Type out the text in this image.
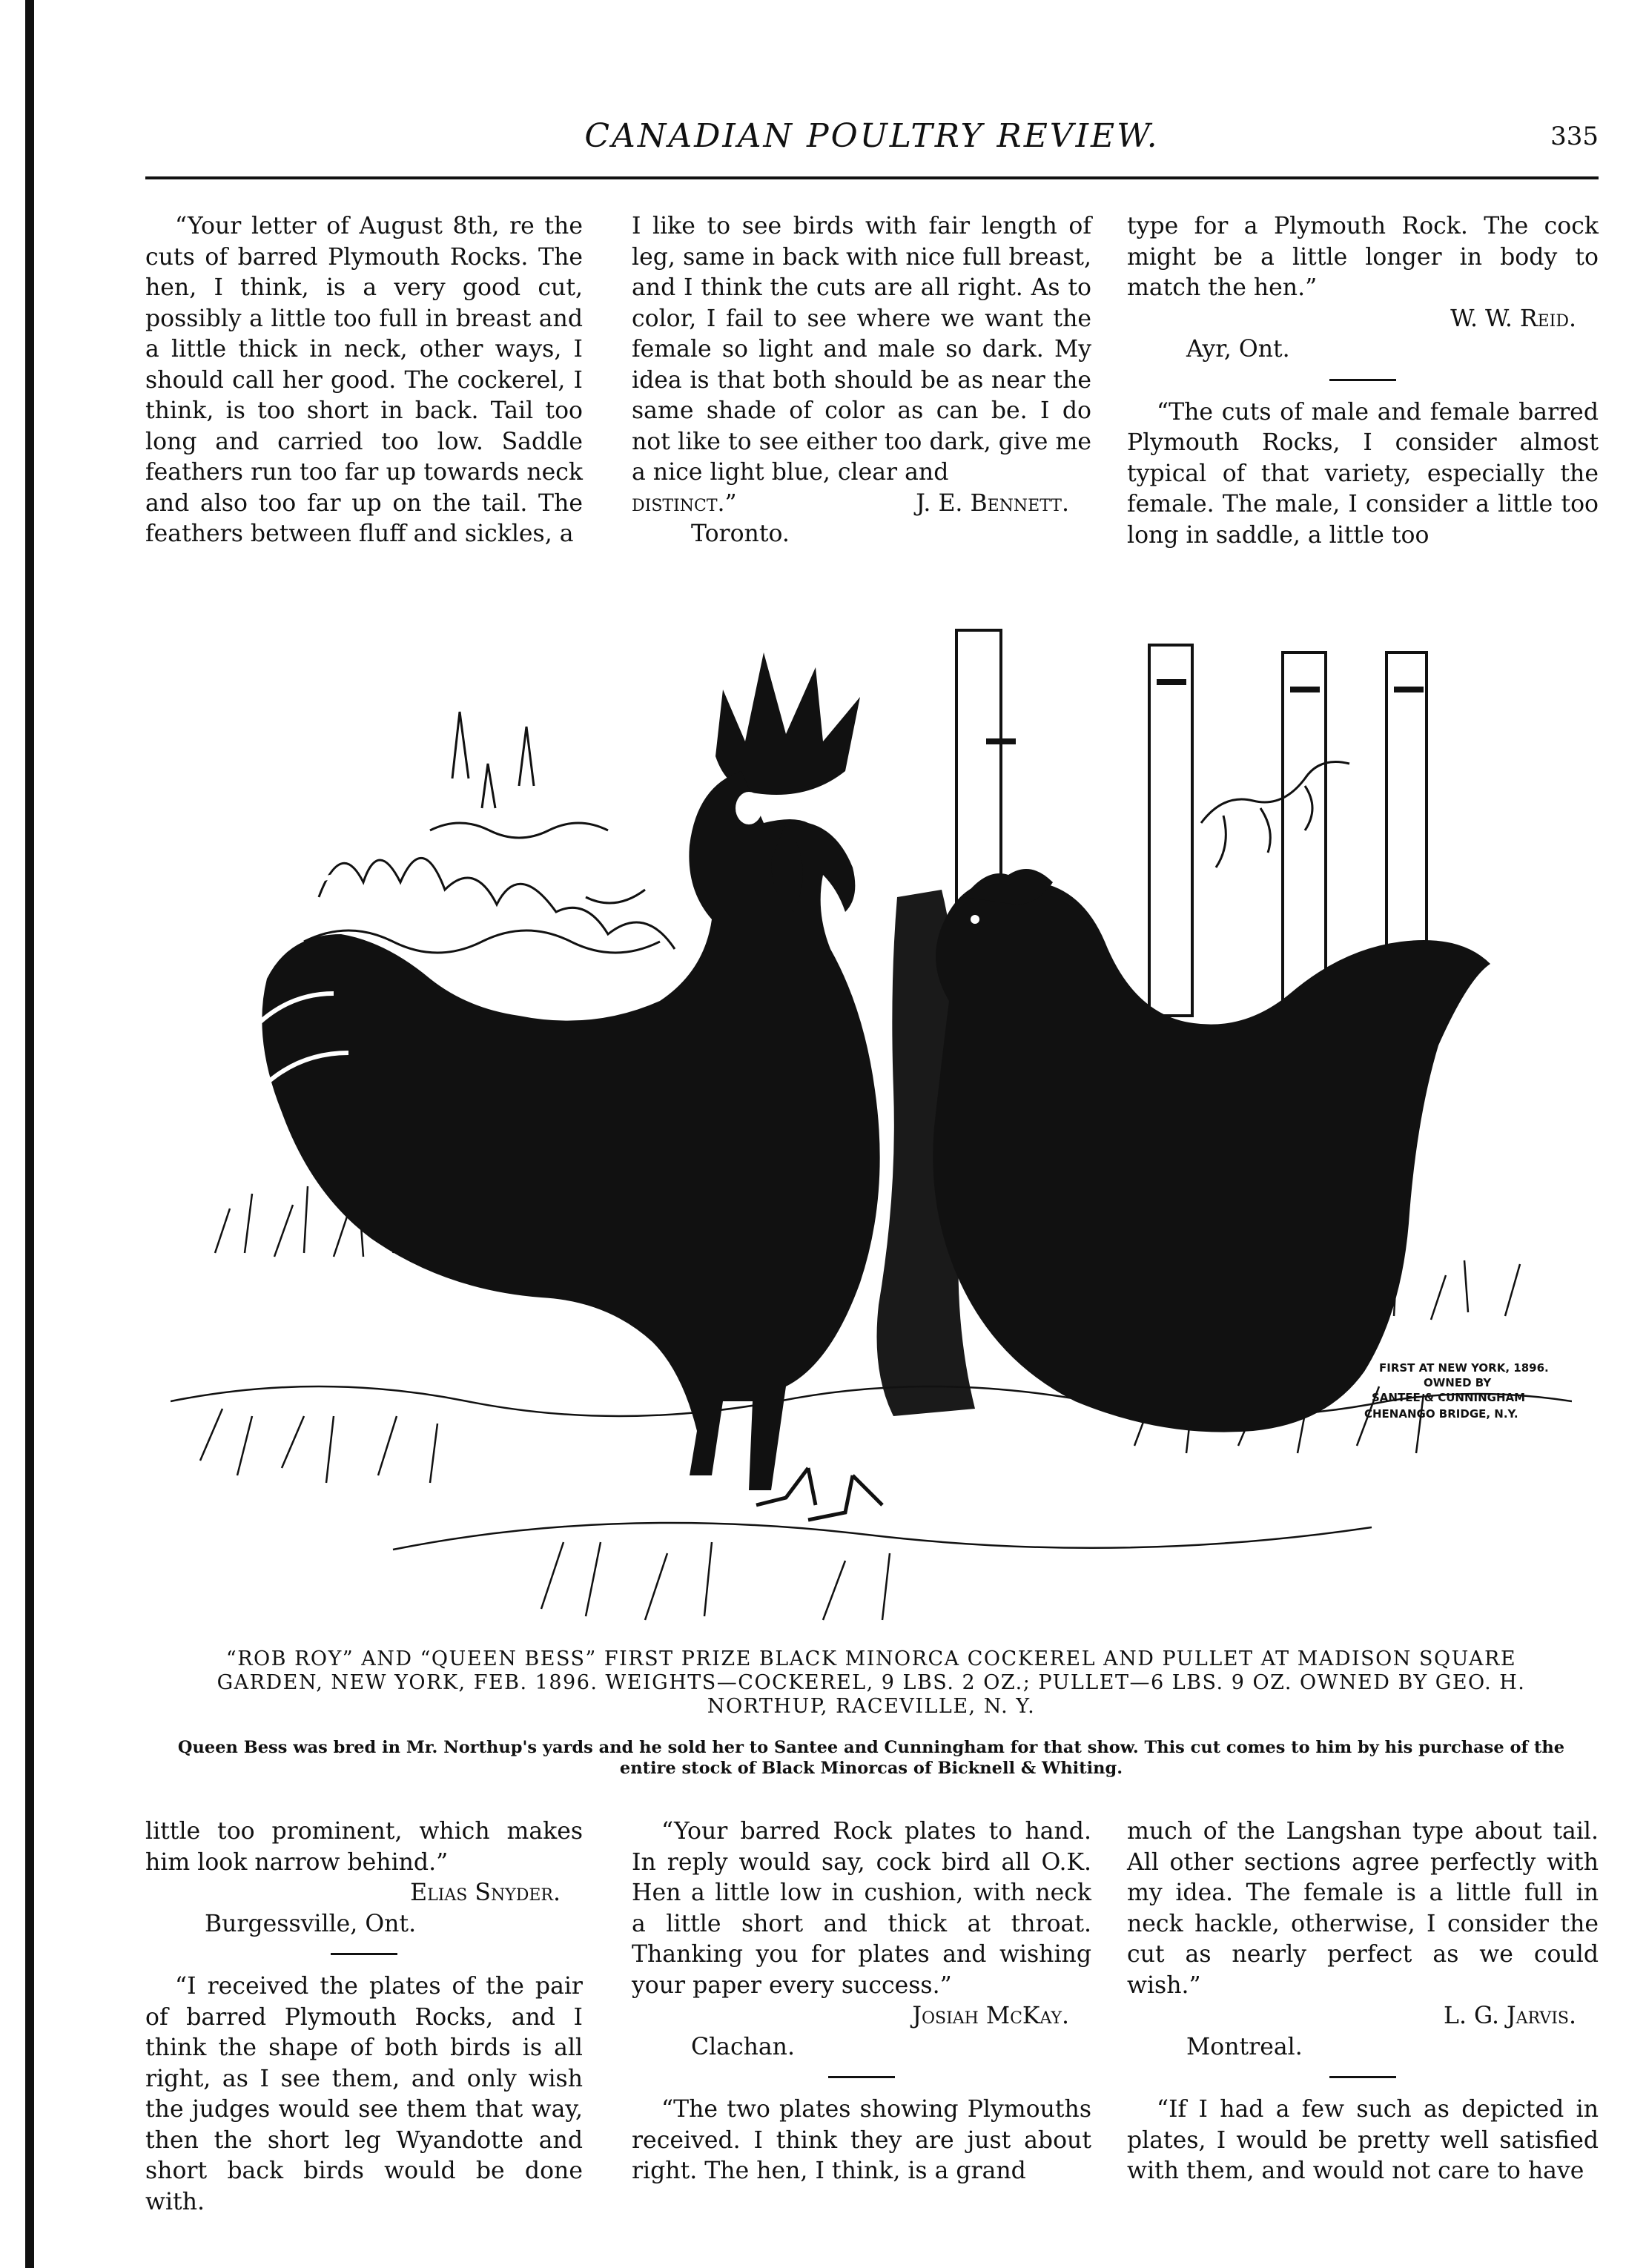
CANADIAN POULTRY REVIEW.	335

“Your letter of August 8th, re the cuts of barred Plymouth Rocks. The hen, I think, is a very good cut, possibly a little too full in breast and a little thick in neck, other ways, I should call her good. The cockerel, I think, is too short in back. Tail too long and carried too low. Saddle feathers run too far up towards neck and also too far up on the tail. The feathers between fluff and sickles, a

I like to see birds with fair length of leg, same in back with nice full breast, and I think the cuts are all right. As to color, I fail to see where we want the female so light and male so dark. My idea is that both should be as near the same shade of color as can be. I do not like to see either too dark, give me a nice light blue, clear and

distinct.”	J. E. Bennett.

Toronto.

type for a Plymouth Rock. The cock might be a little longer in body to match the hen.”

W. W. Reid.

Ayr, Ont.

“The cuts of male and female barred Plymouth Rocks, I consider almost typical of that variety, especially the female. The male, I consider a little too long in saddle, a little too

FIRST AT NEW YORK, 1896.
OWNED BY
SANTEE & CUNNINGHAM
CHENANGO BRIDGE, N.Y.
“ROB ROY” AND “QUEEN BESS” FIRST PRIZE BLACK MINORCA COCKEREL AND PULLET AT MADISON SQUARE GARDEN, NEW YORK, FEB. 1896. WEIGHTS—COCKEREL, 9 LBS. 2 OZ.; PULLET—6 LBS. 9 OZ. OWNED BY GEO. H. NORTHUP, RACEVILLE, N. Y.
Queen Bess was bred in Mr. Northup's yards and he sold her to Santee and Cunningham for that show. This cut comes to him by his purchase of the entire stock of Black Minorcas of Bicknell & Whiting.

little too prominent, which makes him look narrow behind.”

Elias Snyder.

Burgessville, Ont.

“I received the plates of the pair of barred Plymouth Rocks, and I think the shape of both birds is all right, as I see them, and only wish the judges would see them that way, then the short leg Wyandotte and short back birds would be done with.

“Your barred Rock plates to hand. In reply would say, cock bird all O.K. Hen a little low in cushion, with neck a little short and thick at throat. Thanking you for plates and wishing your paper every success.”

Josiah McKay.

Clachan.

“The two plates showing Plymouths received. I think they are just about right. The hen, I think, is a grand

much of the Langshan type about tail. All other sections agree perfectly with my idea. The female is a little full in neck hackle, otherwise, I consider the cut as nearly perfect as we could wish.”

L. G. Jarvis.

Montreal.

“If I had a few such as depicted in plates, I would be pretty well satisfied with them, and would not care to have
